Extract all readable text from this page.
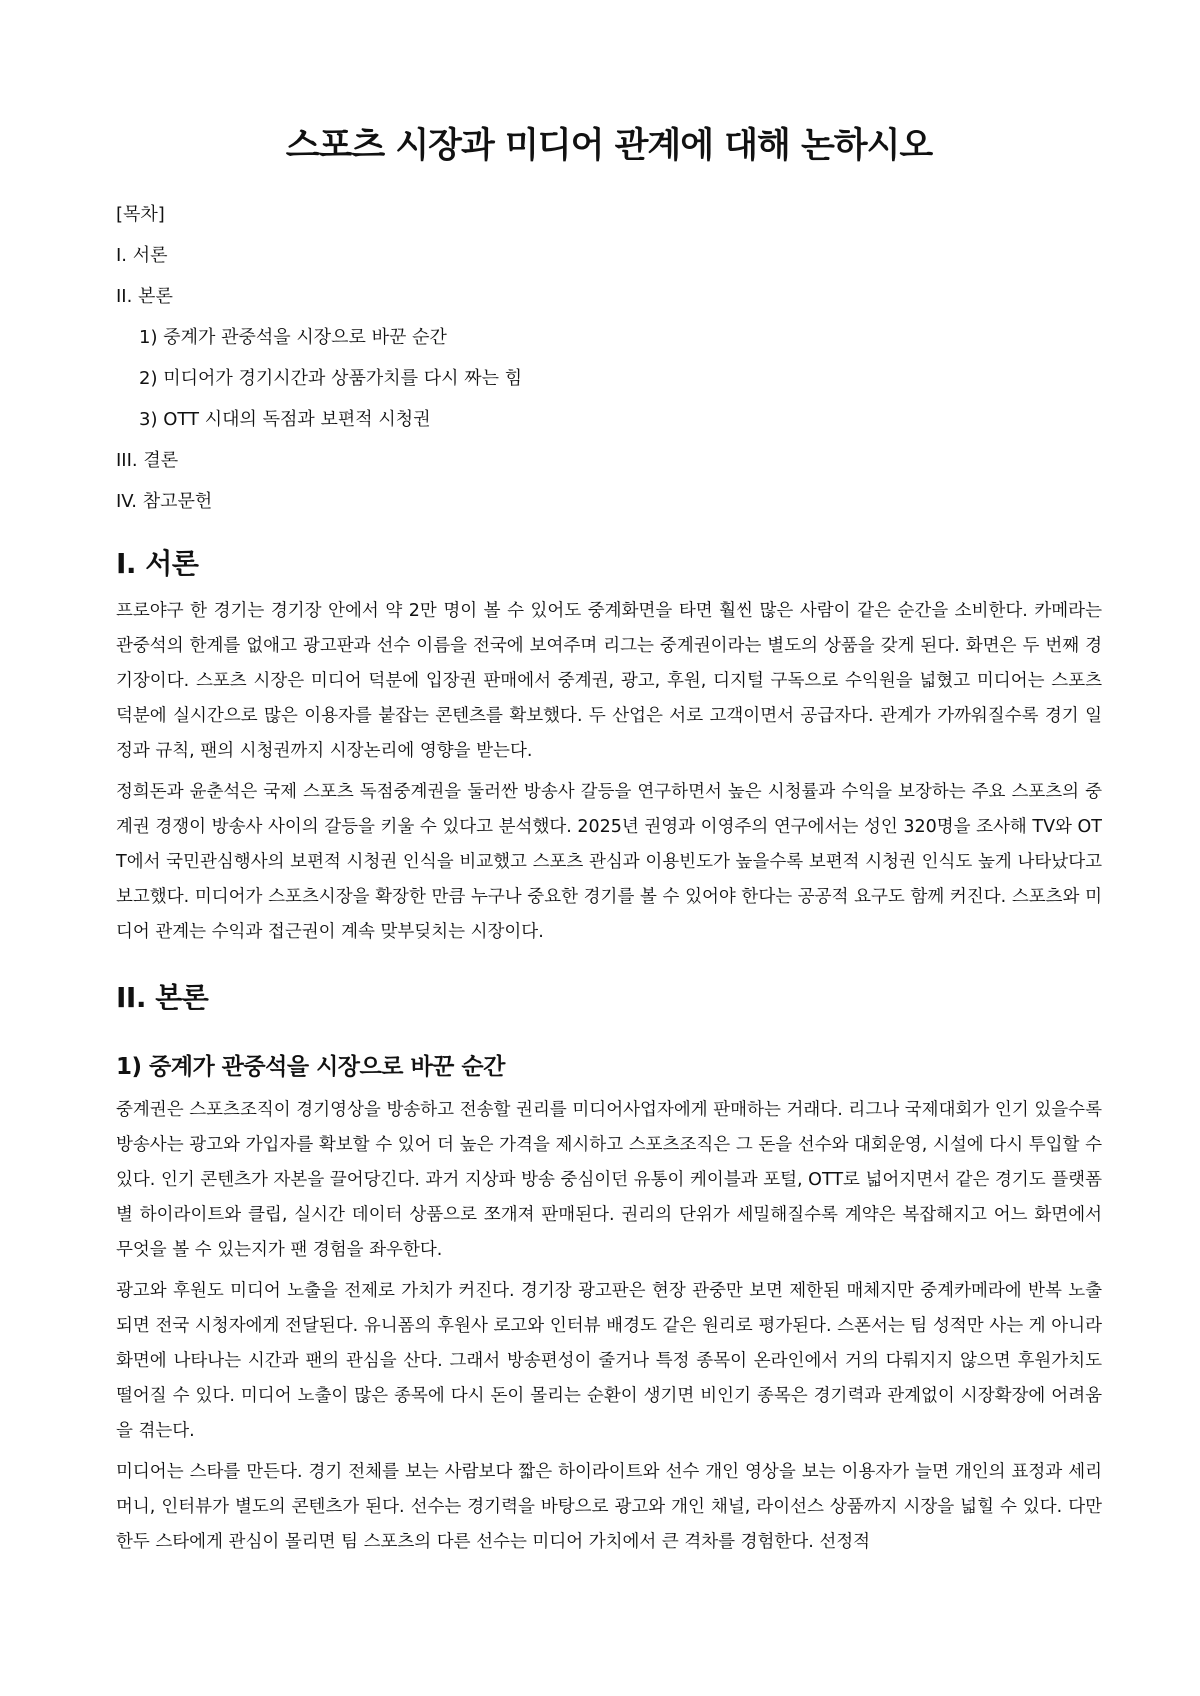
스포츠 시장과 미디어 관계에 대해 논하시오
[목차]
I. 서론
II. 본론
1) 중계가 관중석을 시장으로 바꾼 순간
2) 미디어가 경기시간과 상품가치를 다시 짜는 힘
3) OTT 시대의 독점과 보편적 시청권
III. 결론
IV. 참고문헌
I. 서론

프로야구 한 경기는 경기장 안에서 약 2만 명이 볼 수 있어도 중계화면을 타면 훨씬 많은 사람이 같은 순간을 소비한다. 카메라는 관중석의 한계를 없애고 광고판과 선수 이름을 전국에 보여주며 리그는 중계권이라는 별도의 상품을 갖게 된다. 화면은 두 번째 경기장이다. 스포츠 시장은 미디어 덕분에 입장권 판매에서 중계권, 광고, 후원, 디지털 구독으로 수익원을 넓혔고 미디어는 스포츠 덕분에 실시간으로 많은 이용자를 붙잡는 콘텐츠를 확보했다. 두 산업은 서로 고객이면서 공급자다. 관계가 가까워질수록 경기 일정과 규칙, 팬의 시청권까지 시장논리에 영향을 받는다.

정희돈과 윤춘석은 국제 스포츠 독점중계권을 둘러싼 방송사 갈등을 연구하면서 높은 시청률과 수익을 보장하는 주요 스포츠의 중계권 경쟁이 방송사 사이의 갈등을 키울 수 있다고 분석했다. 2025년 권영과 이영주의 연구에서는 성인 320명을 조사해 TV와 OTT에서 국민관심행사의 보편적 시청권 인식을 비교했고 스포츠 관심과 이용빈도가 높을수록 보편적 시청권 인식도 높게 나타났다고 보고했다. 미디어가 스포츠시장을 확장한 만큼 누구나 중요한 경기를 볼 수 있어야 한다는 공공적 요구도 함께 커진다. 스포츠와 미디어 관계는 수익과 접근권이 계속 맞부딪치는 시장이다.

II. 본론
1) 중계가 관중석을 시장으로 바꾼 순간

중계권은 스포츠조직이 경기영상을 방송하고 전송할 권리를 미디어사업자에게 판매하는 거래다. 리그나 국제대회가 인기 있을수록 방송사는 광고와 가입자를 확보할 수 있어 더 높은 가격을 제시하고 스포츠조직은 그 돈을 선수와 대회운영, 시설에 다시 투입할 수 있다. 인기 콘텐츠가 자본을 끌어당긴다. 과거 지상파 방송 중심이던 유통이 케이블과 포털, OTT로 넓어지면서 같은 경기도 플랫폼별 하이라이트와 클립, 실시간 데이터 상품으로 쪼개져 판매된다. 권리의 단위가 세밀해질수록 계약은 복잡해지고 어느 화면에서 무엇을 볼 수 있는지가 팬 경험을 좌우한다.

광고와 후원도 미디어 노출을 전제로 가치가 커진다. 경기장 광고판은 현장 관중만 보면 제한된 매체지만 중계카메라에 반복 노출되면 전국 시청자에게 전달된다. 유니폼의 후원사 로고와 인터뷰 배경도 같은 원리로 평가된다. 스폰서는 팀 성적만 사는 게 아니라 화면에 나타나는 시간과 팬의 관심을 산다. 그래서 방송편성이 줄거나 특정 종목이 온라인에서 거의 다뤄지지 않으면 후원가치도 떨어질 수 있다. 미디어 노출이 많은 종목에 다시 돈이 몰리는 순환이 생기면 비인기 종목은 경기력과 관계없이 시장확장에 어려움을 겪는다.

미디어는 스타를 만든다. 경기 전체를 보는 사람보다 짧은 하이라이트와 선수 개인 영상을 보는 이용자가 늘면 개인의 표정과 세리머니, 인터뷰가 별도의 콘텐츠가 된다. 선수는 경기력을 바탕으로 광고와 개인 채널, 라이선스 상품까지 시장을 넓힐 수 있다. 다만 한두 스타에게 관심이 몰리면 팀 스포츠의 다른 선수는 미디어 가치에서 큰 격차를 경험한다. 선정적
